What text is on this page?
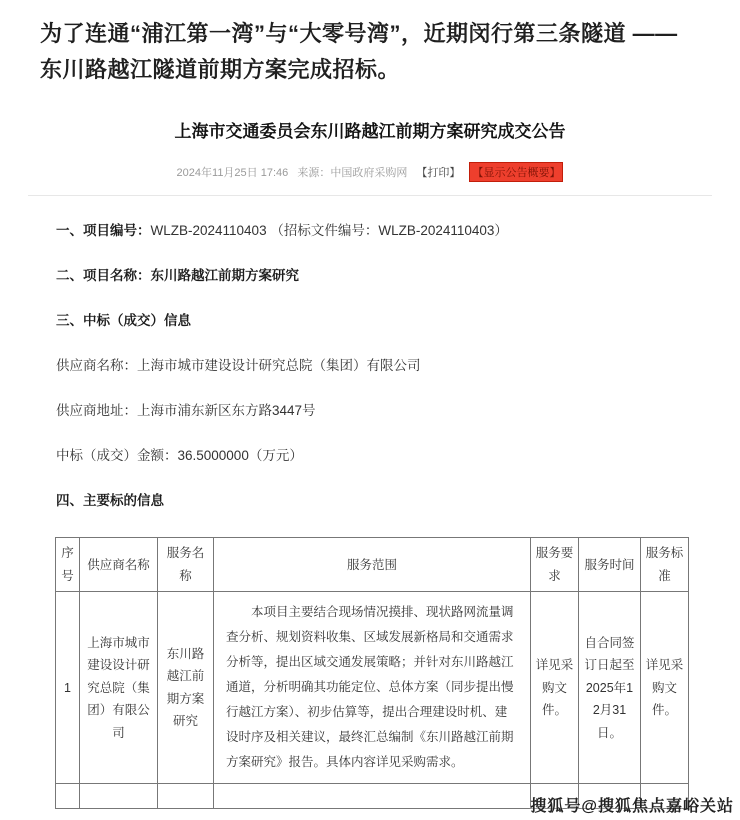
为了连通“浦江第一湾”与“大零号湾”，近期闵行第三条隧道 —— 东川路越江隧道前期方案完成招标。

上海市交通委员会东川路越江前期方案研究成交公告
2024年11月25日 17:46 来源：中国政府采购网 【打印】 【显示公告概要】

一、项目编号：WLZB-2024110403 （招标文件编号：WLZB-2024110403）

二、项目名称：东川路越江前期方案研究

三、中标（成交）信息

供应商名称：上海市城市建设设计研究总院（集团）有限公司

供应商地址：上海市浦东新区东方路3447号

中标（成交）金额：36.5000000（万元）

四、主要标的信息

序号	供应商名称	服务名称	服务范围	服务要求	服务时间	服务标准
1	上海市城市建设设计研究总院（集团）有限公司	东川路越江前期方案研究	本项目主要结合现场情况摸排、现状路网流量调查分析、规划资料收集、区域发展新格局和交通需求分析等，提出区域交通发展策略；并针对东川路越江通道，分析明确其功能定位、总体方案（同步提出慢行越江方案）、初步估算等，提出合理建设时机、建设时序及相关建议，最终汇总编制《东川路越江前期方案研究》报告。具体内容详见采购需求。	详见采购文件。	自合同签订日起至2025年12月31日。	详见采购文件。

搜狐号@搜狐焦点嘉峪关站
